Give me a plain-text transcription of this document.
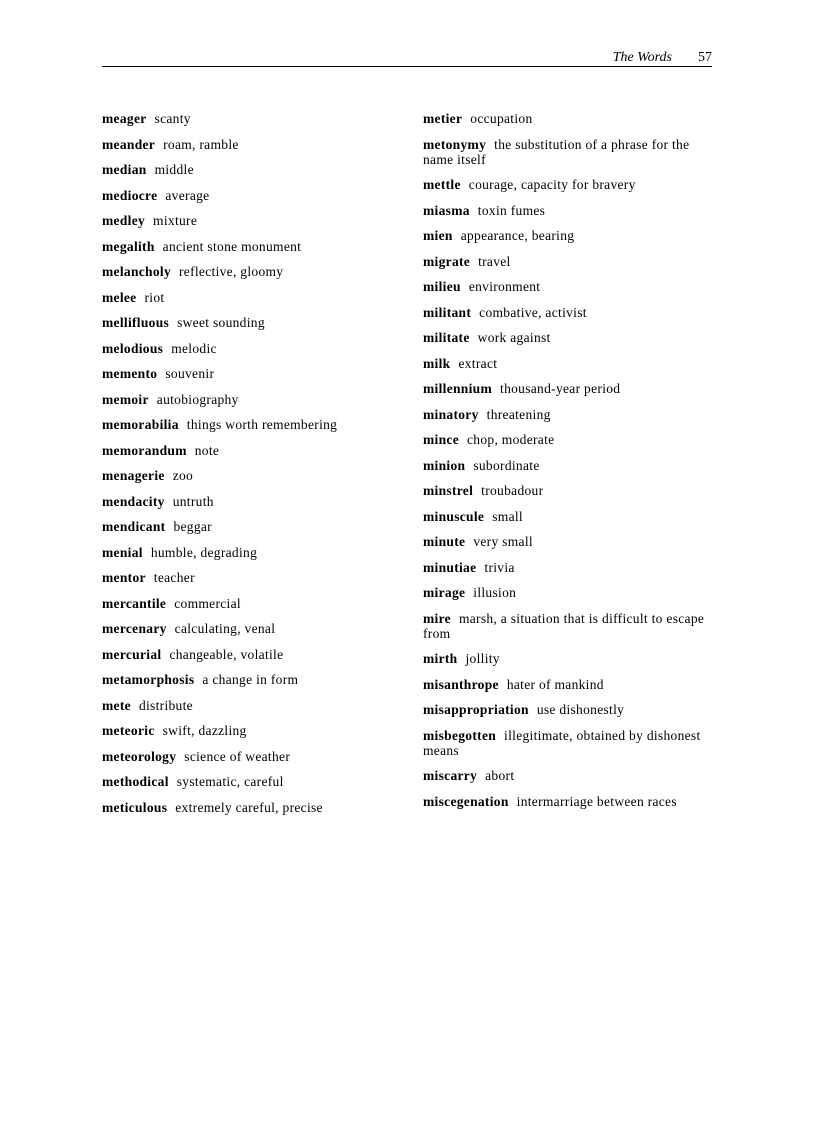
The Words 57
meager scanty
meander roam, ramble
median middle
mediocre average
medley mixture
megalith ancient stone monument
melancholy reflective, gloomy
melee riot
mellifluous sweet sounding
melodious melodic
memento souvenir
memoir autobiography
memorabilia things worth remembering
memorandum note
menagerie zoo
mendacity untruth
mendicant beggar
menial humble, degrading
mentor teacher
mercantile commercial
mercenary calculating, venal
mercurial changeable, volatile
metamorphosis a change in form
mete distribute
meteoric swift, dazzling
meteorology science of weather
methodical systematic, careful
meticulous extremely careful, precise
metier occupation
metonymy the substitution of a phrase for the name itself
mettle courage, capacity for bravery
miasma toxin fumes
mien appearance, bearing
migrate travel
milieu environment
militant combative, activist
militate work against
milk extract
millennium thousand-year period
minatory threatening
mince chop, moderate
minion subordinate
minstrel troubadour
minuscule small
minute very small
minutiae trivia
mirage illusion
mire marsh, a situation that is difficult to escape from
mirth jollity
misanthrope hater of mankind
misappropriation use dishonestly
misbegotten illegitimate, obtained by dishonest means
miscarry abort
miscegenation intermarriage between races
